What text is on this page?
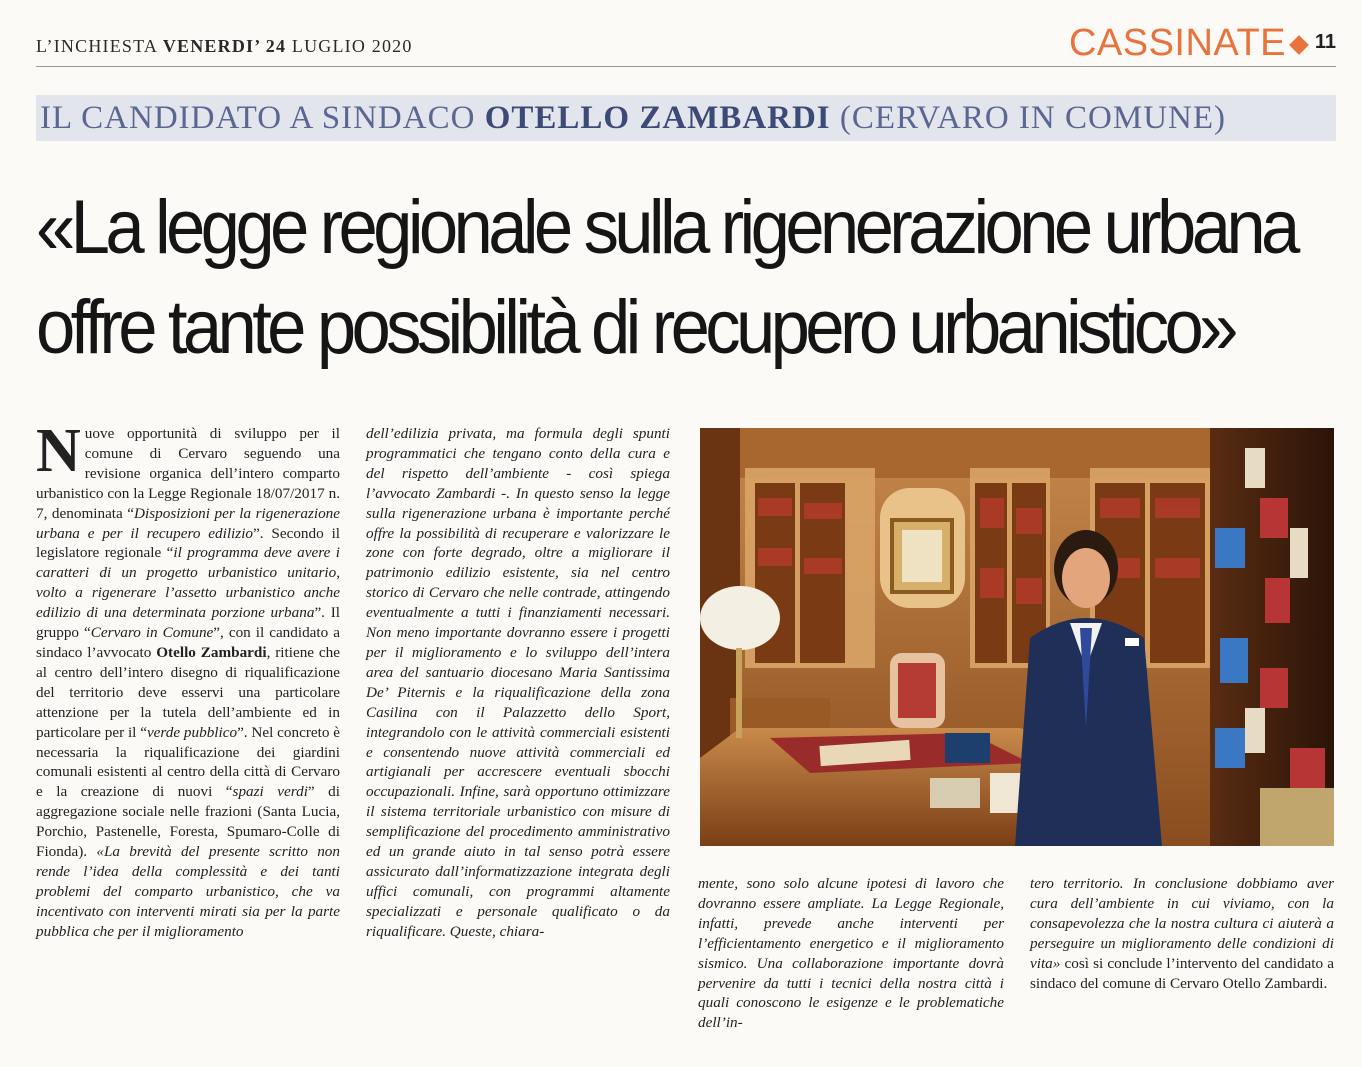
L’INCHIESTA VENERDI’ 24 LUGLIO 2020	CASSINATE 11
IL CANDIDATO A SINDACO OTELLO ZAMBARDI (CERVARO IN COMUNE)
«La legge regionale sulla rigenerazione urbana
offre tante possibilità di recupero urbanistico»

Nuove opportunità di sviluppo per il comune di Cervaro seguendo una revisione organica dell’intero comparto urbanistico con la Legge Regionale 18/07/2017 n. 7, denominata “Disposizioni per la rigenerazione urbana e per il recupero edilizio”. Secondo il legislatore regionale “il programma deve avere i caratteri di un progetto urbanistico unitario, volto a rigenerare l’assetto urbanistico anche edilizio di una determinata porzione urbana”. Il gruppo “Cervaro in Comune”, con il candidato a sindaco l’avvocato Otello Zambardi, ritiene che al centro dell’intero disegno di riqualificazione del territorio deve esservi una particolare attenzione per la tutela dell’ambiente ed in particolare per il “verde pubblico”. Nel concreto è necessaria la riqualificazione dei giardini comunali esistenti al centro della città di Cervaro e la creazione di nuovi “spazi verdi” di aggregazione sociale nelle frazioni (Santa Lucia, Porchio, Pastenelle, Foresta, Spumaro-Colle di Fionda). «La brevità del presente scritto non rende l’idea della complessità e dei tanti problemi del comparto urbanistico, che va incentivato con interventi mirati sia per la parte pubblica che per il miglioramento

dell’edilizia privata, ma formula degli spunti programmatici che tengano conto della cura e del rispetto dell’ambiente - così spiega l’avvocato Zambardi -. In questo senso la legge sulla rigenerazione urbana è importante perché offre la possibilità di recuperare e valorizzare le zone con forte degrado, oltre a migliorare il patrimonio edilizio esistente, sia nel centro storico di Cervaro che nelle contrade, attingendo eventualmente a tutti i finanziamenti necessari. Non meno importante dovranno essere i progetti per il miglioramento e lo sviluppo dell’intera area del santuario diocesano Maria Santissima De’ Piternis e la riqualificazione della zona Casilina con il Palazzetto dello Sport, integrandolo con le attività commerciali esistenti e consentendo nuove attività commerciali ed artigianali per accrescere eventuali sbocchi occupazionali. Infine, sarà opportuno ottimizzare il sistema territoriale urbanistico con misure di semplificazione del procedimento amministrativo ed un grande aiuto in tal senso potrà essere assicurato dall’informatizzazione integrata degli uffici comunali, con programmi altamente specializzati e personale qualificato o da riqualificare. Queste, chiara-

mente, sono solo alcune ipotesi di lavoro che dovranno essere ampliate. La Legge Regionale, infatti, prevede anche interventi per l’efficientamento energetico e il miglioramento sismico. Una collaborazione importante dovrà pervenire da tutti i tecnici della nostra città i quali conoscono le esigenze e le problematiche dell’in-

tero territorio. In conclusione dobbiamo aver cura dell’ambiente in cui viviamo, con la consapevolezza che la nostra cultura ci aiuterà a perseguire un miglioramento delle condizioni di vita» così si conclude l’intervento del candidato a sindaco del comune di Cervaro Otello Zambardi.
